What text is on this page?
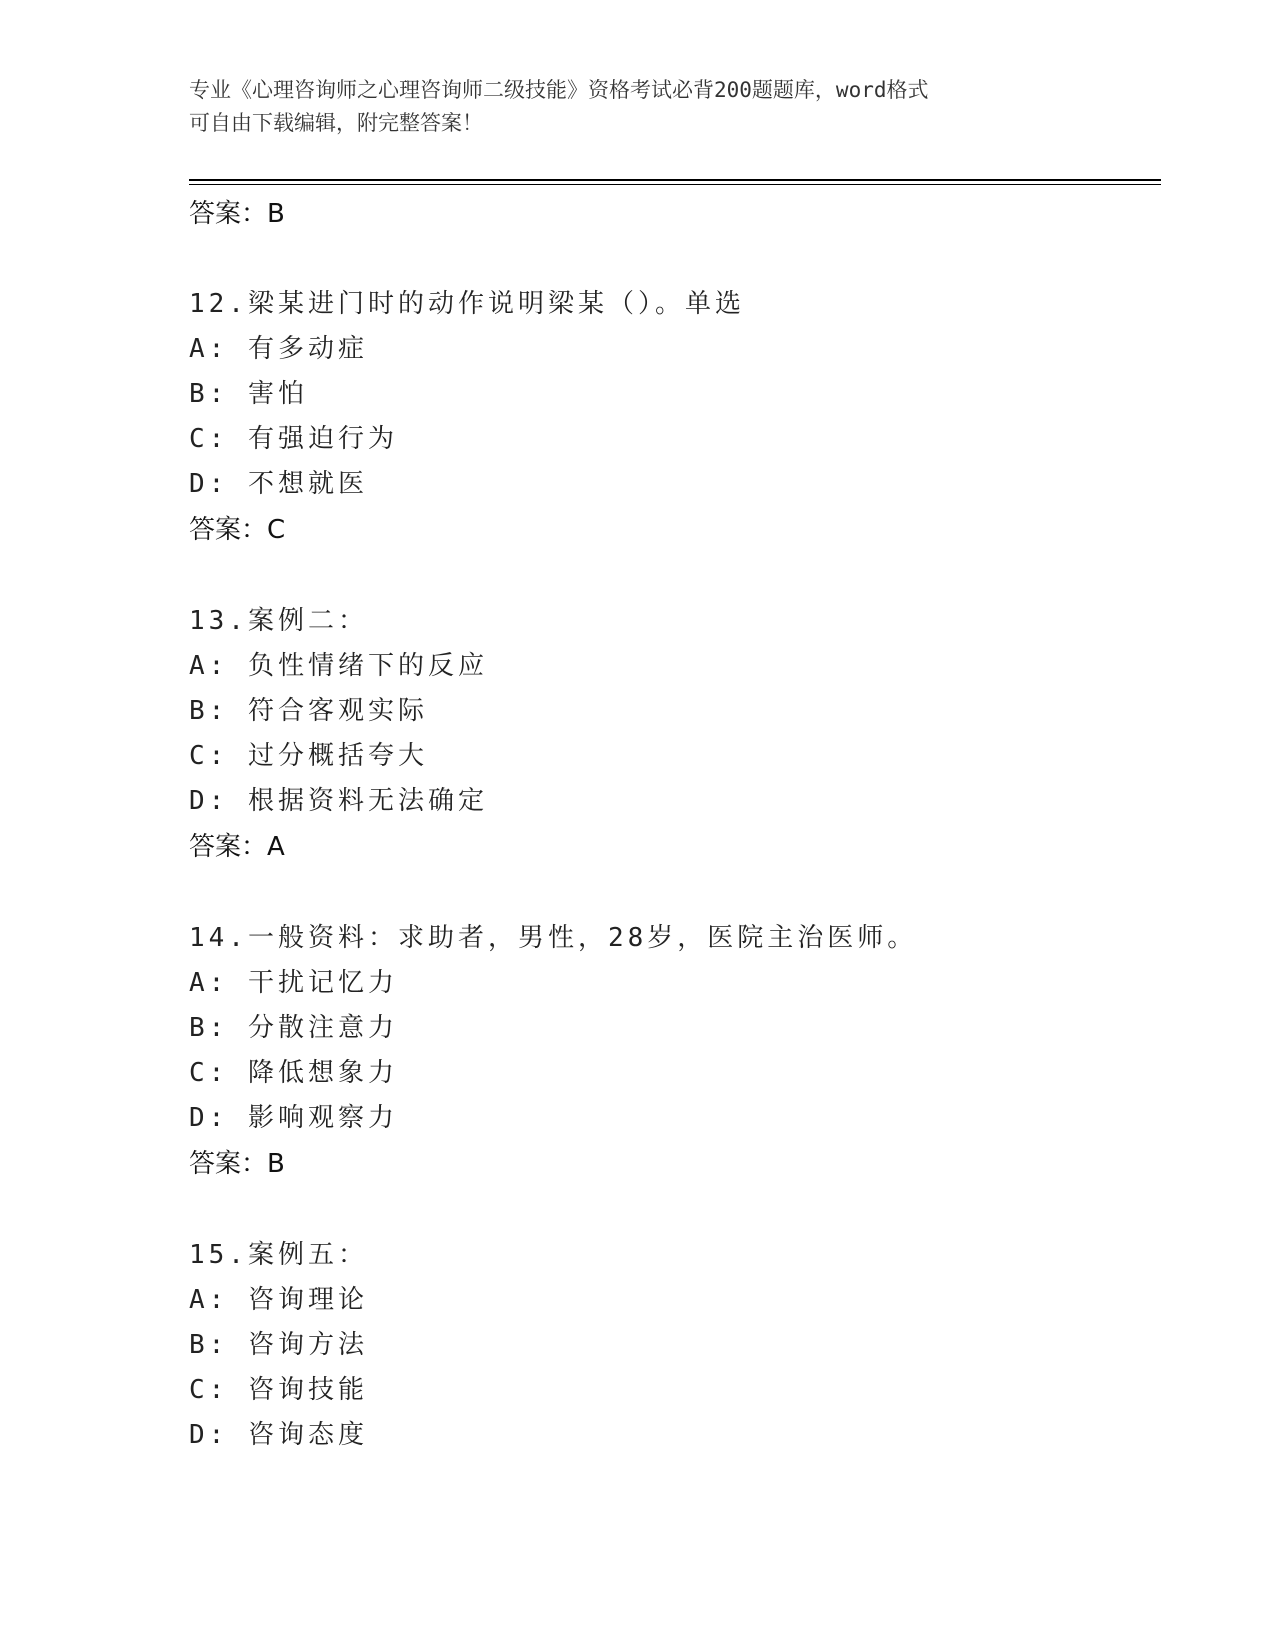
专业《心理咨询师之心理咨询师二级技能》资格考试必背200题题库，word格式
可自由下载编辑，附完整答案！
答案：B
12.梁某进门时的动作说明梁某（）。单选
A: 有多动症
B: 害怕
C: 有强迫行为
D: 不想就医
答案：C
13.案例二：
A: 负性情绪下的反应
B: 符合客观实际
C: 过分概括夸大
D: 根据资料无法确定
答案：A
14.一般资料：求助者，男性，28岁，医院主治医师。
A: 干扰记忆力
B: 分散注意力
C: 降低想象力
D: 影响观察力
答案：B
15.案例五：
A: 咨询理论
B: 咨询方法
C: 咨询技能
D: 咨询态度
